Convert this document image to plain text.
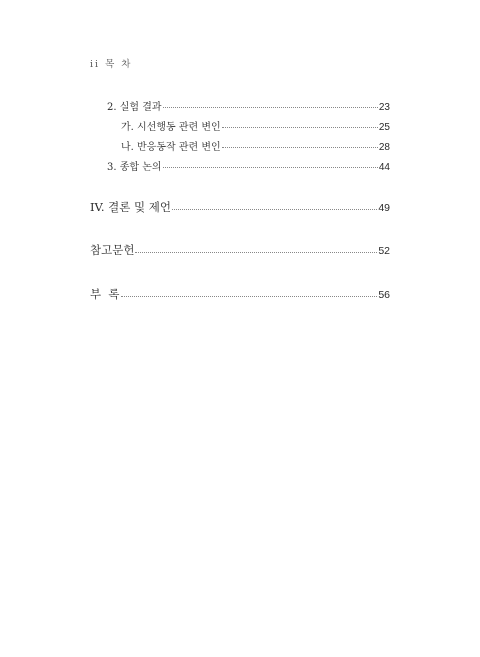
ii 목 차
2. 실험 결과	23
가. 시선행동 관련 변인	25
나. 반응동작 관련 변인	28
3. 종합 논의	44
IV. 결론 및 제언	49
참고문헌	52
부  록	56
